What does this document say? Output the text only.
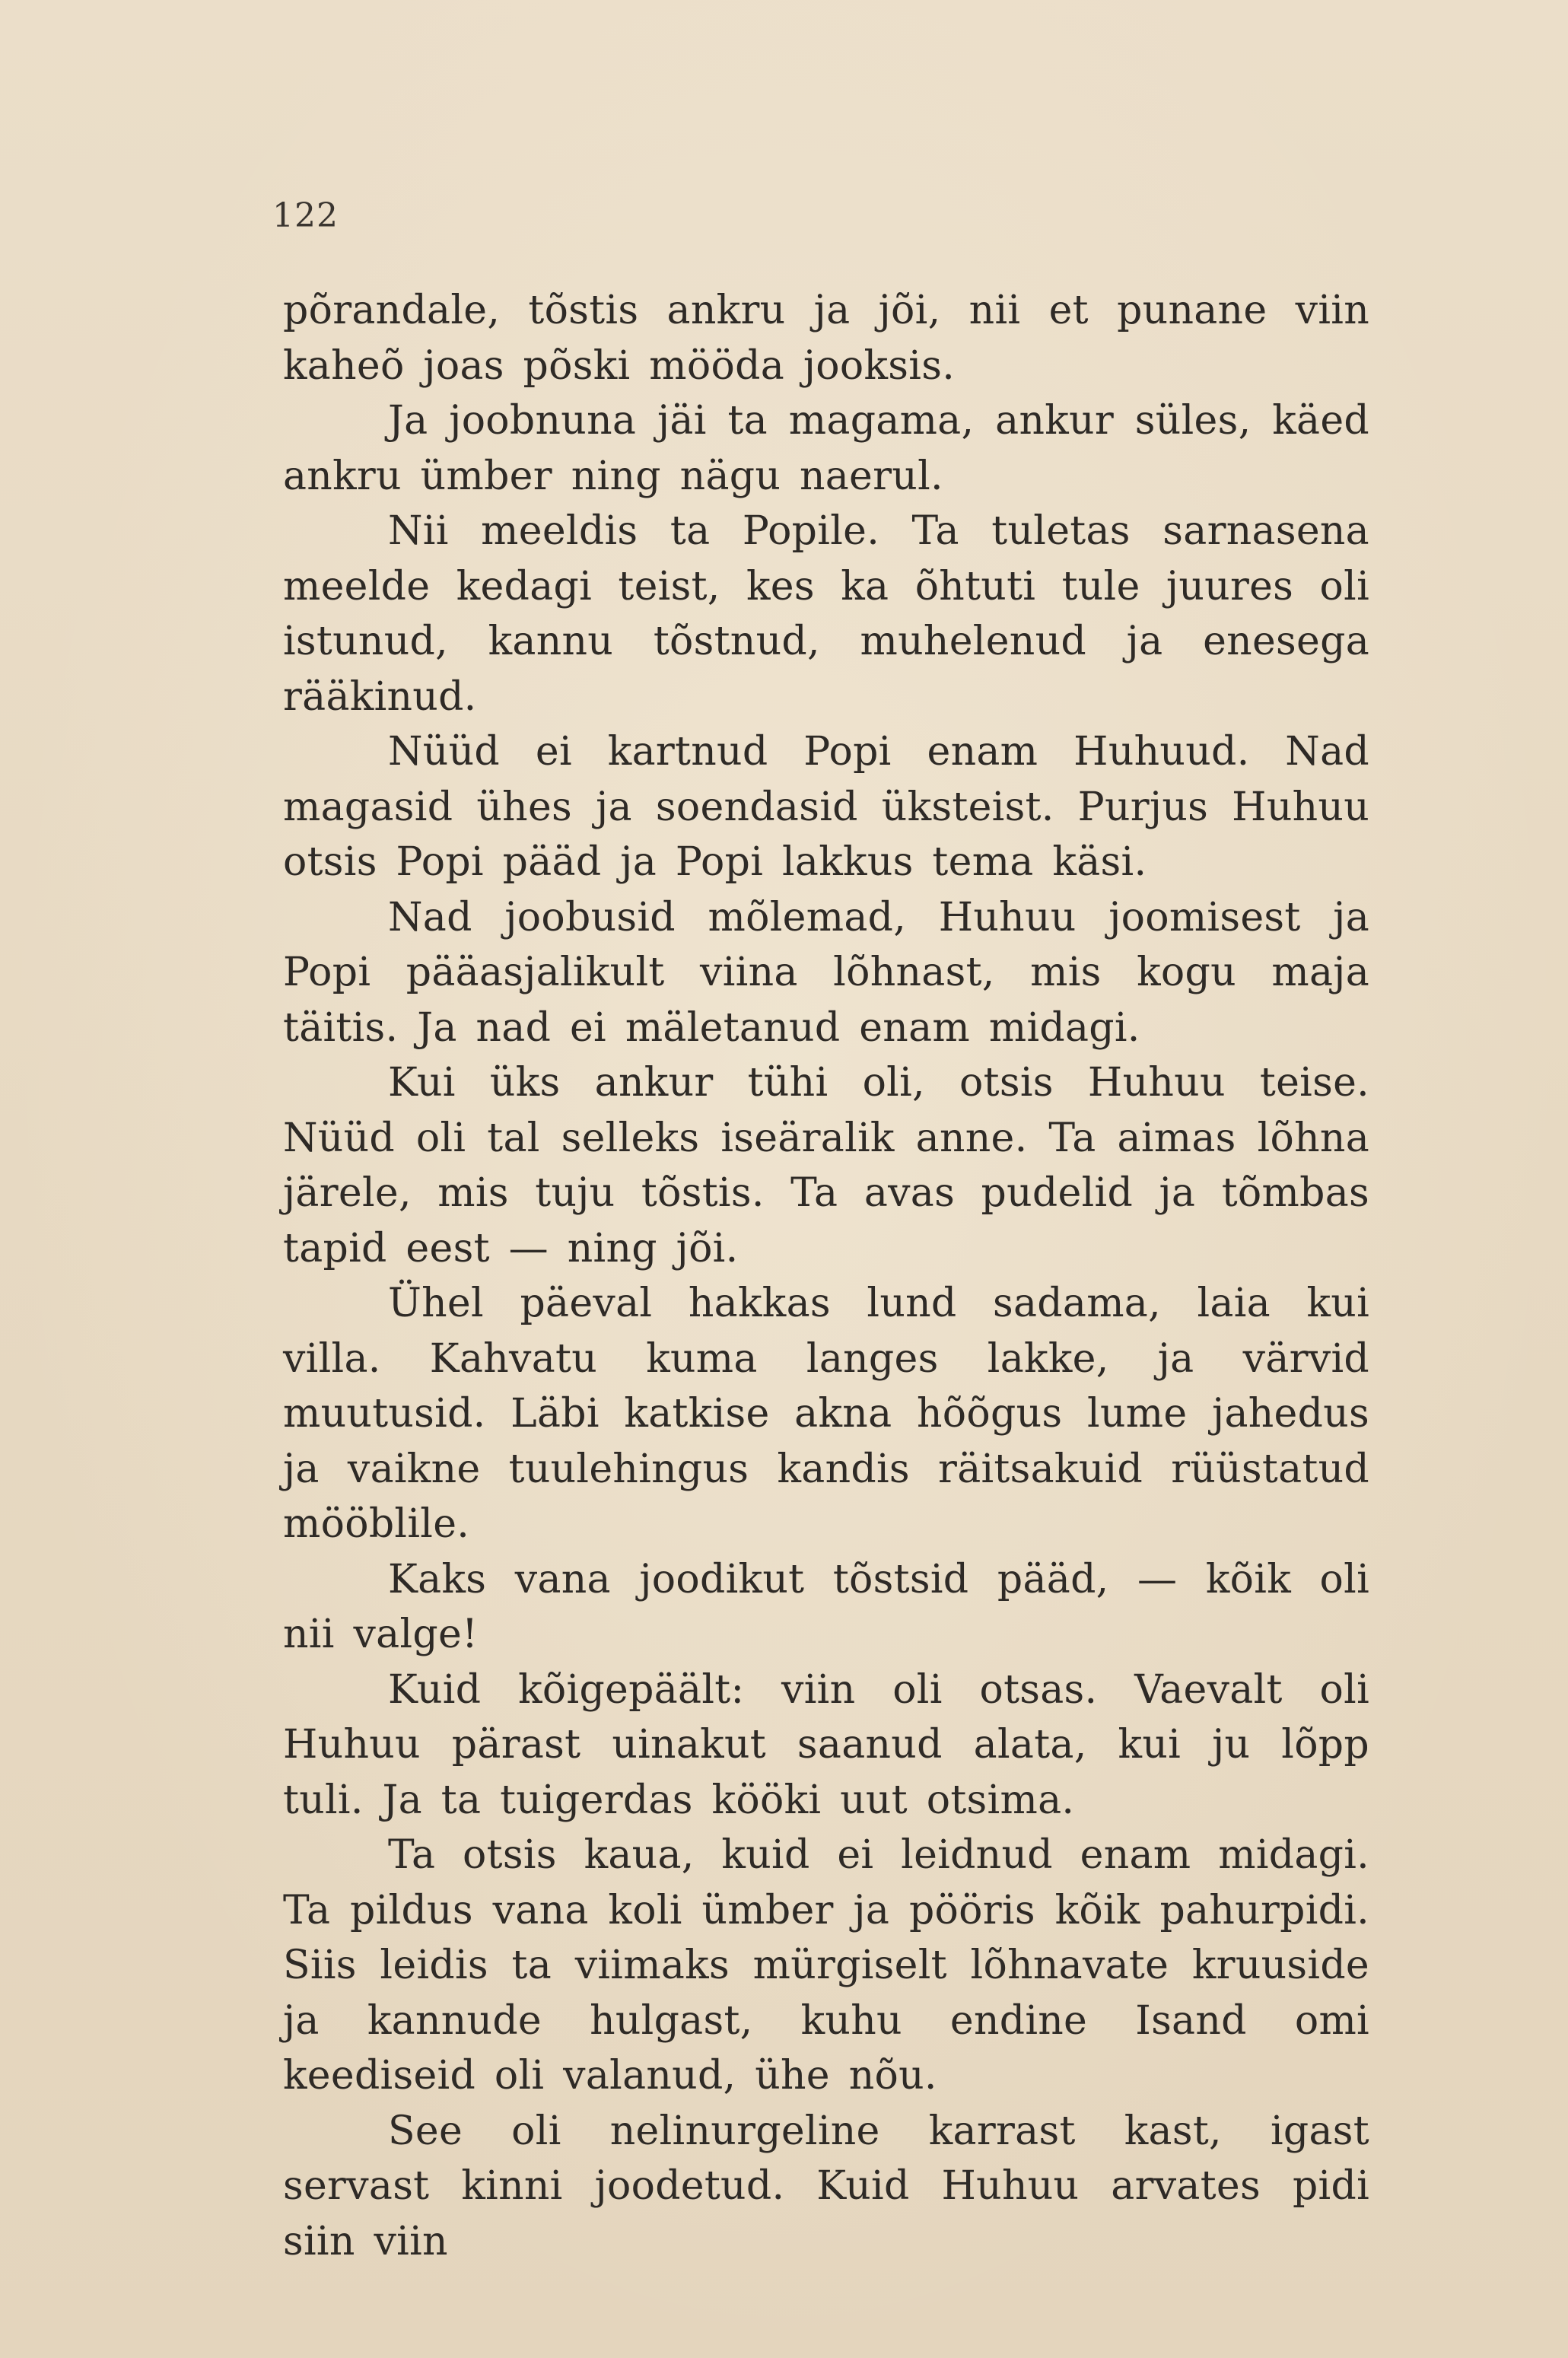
122

põrandale, tõstis ankru ja jõi, nii et punane viin kaheõ joas põski mööda jooksis.

Ja joobnuna jäi ta magama, ankur süles, käed ankru ümber ning nägu naerul.

Nii meeldis ta Popile. Ta tuletas sarnasena meelde kedagi teist, kes ka õhtuti tule juures oli istunud, kannu tõstnud, muhelenud ja enesega rääkinud.

Nüüd ei kartnud Popi enam Huhuud. Nad magasid ühes ja soendasid üksteist. Purjus Huhuu otsis Popi pääd ja Popi lakkus tema käsi.

Nad joobusid mõlemad, Huhuu joomisest ja Popi pääasjalikult viina lõhnast, mis kogu maja täitis. Ja nad ei mäletanud enam midagi.

Kui üks ankur tühi oli, otsis Huhuu teise. Nüüd oli tal selleks iseäralik anne. Ta aimas lõhna järele, mis tuju tõstis. Ta avas pudelid ja tõmbas tapid eest — ning jõi.

Ühel päeval hakkas lund sadama, laia kui villa. Kahvatu kuma langes lakke, ja värvid muutusid. Läbi katkise akna hõõgus lume jahedus ja vaikne tuulehingus kandis räitsakuid rüüstatud mööblile.

Kaks vana joodikut tõstsid pääd, — kõik oli nii valge!

Kuid kõigepäält: viin oli otsas. Vaevalt oli Huhuu pärast uinakut saanud alata, kui ju lõpp tuli. Ja ta tuigerdas kööki uut otsima.

Ta otsis kaua, kuid ei leidnud enam midagi. Ta pildus vana koli ümber ja pööris kõik pahurpidi. Siis leidis ta viimaks mürgiselt lõhnavate kruuside ja kannude hulgast, kuhu endine Isand omi keediseid oli valanud, ühe nõu.

See oli nelinurgeline karrast kast, igast servast kinni joodetud. Kuid Huhuu arvates pidi siin viin
